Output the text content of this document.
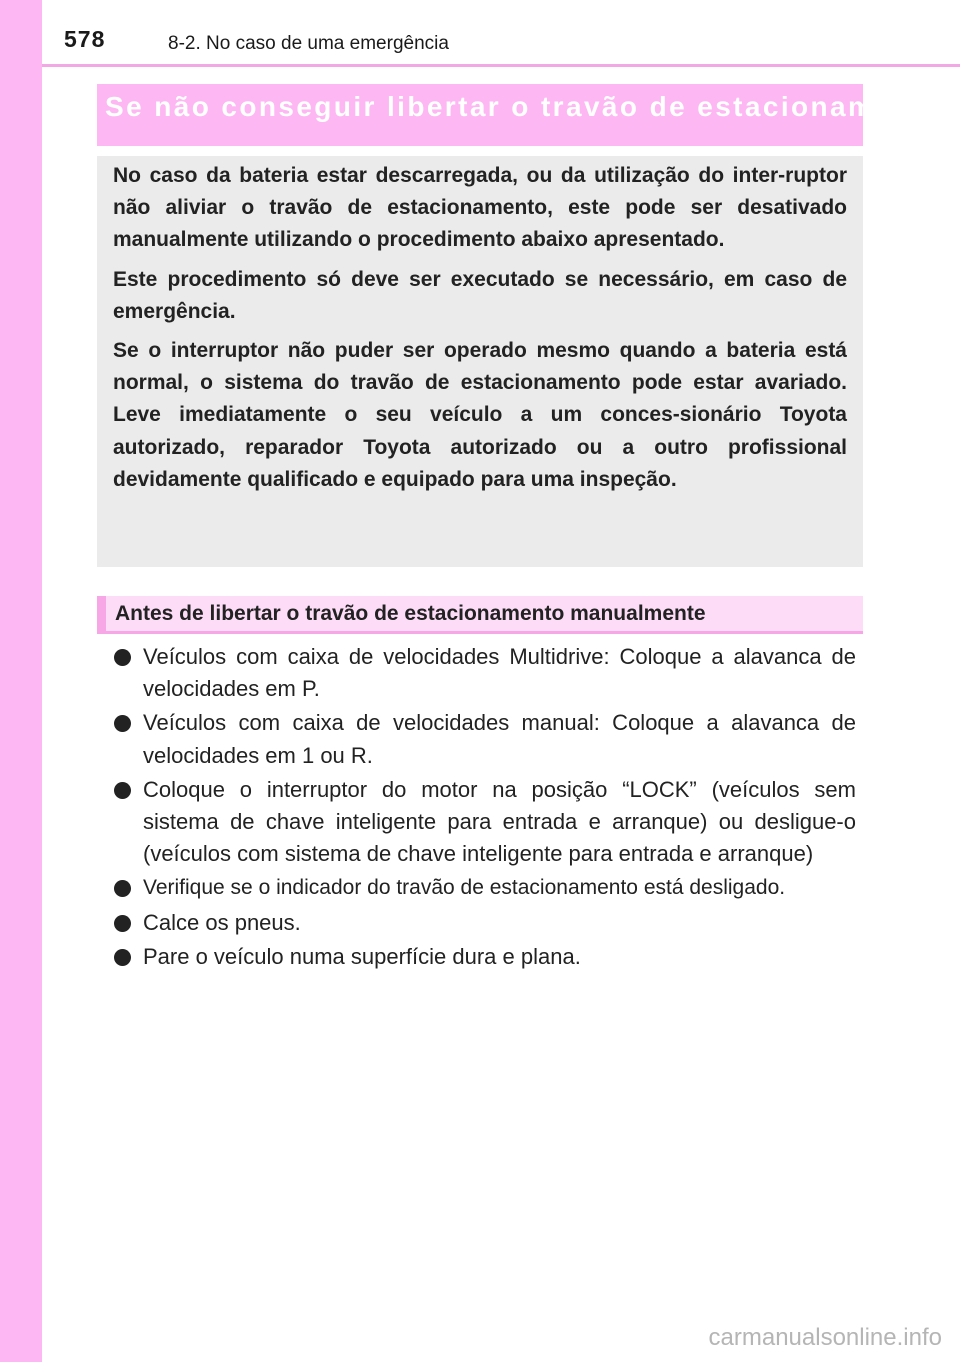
578	8-2. No caso de uma emergência
Se não conseguir libertar o travão de estacionamento

No caso da bateria estar descarregada, ou da utilização do inter-ruptor não aliviar o travão de estacionamento, este pode ser desativado manualmente utilizando o procedimento abaixo apresentado.

Este procedimento só deve ser executado se necessário, em caso de emergência.

Se o interruptor não puder ser operado mesmo quando a bateria está normal, o sistema do travão de estacionamento pode estar avariado. Leve imediatamente o seu veículo a um conces-sionário Toyota autorizado, reparador Toyota autorizado ou a outro profissional devidamente qualificado e equipado para uma inspeção.

Antes de libertar o travão de estacionamento manualmente
Veículos com caixa de velocidades Multidrive: Coloque a alavanca de velocidades em P.
Veículos com caixa de velocidades manual: Coloque a alavanca de velocidades em 1 ou R.
Coloque o interruptor do motor na posição “LOCK” (veículos sem sistema de chave inteligente para entrada e arranque) ou desligue-o (veículos com sistema de chave inteligente para entrada e arranque)
Verifique se o indicador do travão de estacionamento está desligado.
Calce os pneus.
Pare o veículo numa superfície dura e plana.
carmanualsonline.info
